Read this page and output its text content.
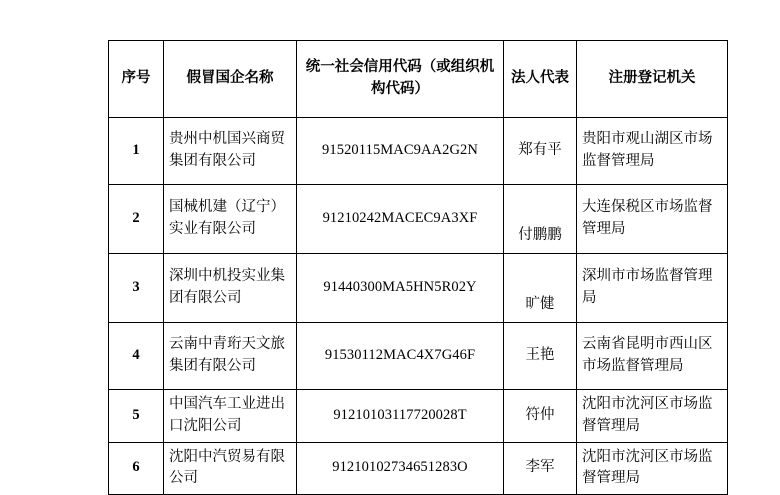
序号	假冒国企名称	统一社会信用代码（或组织机构代码）	法人代表	注册登记机关
1	贵州中机国兴商贸集团有限公司	91520115MAC9AA2G2N	郑有平	贵阳市观山湖区市场监督管理局
2	国械机建（辽宁）实业有限公司	91210242MACEC9A3XF	付鹏鹏	大连保税区市场监督管理局
3	深圳中机投实业集团有限公司	91440300MA5HN5R02Y	旷健	深圳市市场监督管理局
4	云南中青珩天文旅集团有限公司	91530112MAC4X7G46F	王艳	云南省昆明市西山区市场监督管理局
5	中国汽车工业进出口沈阳公司	91210103117720028T	符仲	沈阳市沈河区市场监督管理局
6	沈阳中汽贸易有限公司	91210102734651283O	李军	沈阳市沈河区市场监督管理局
